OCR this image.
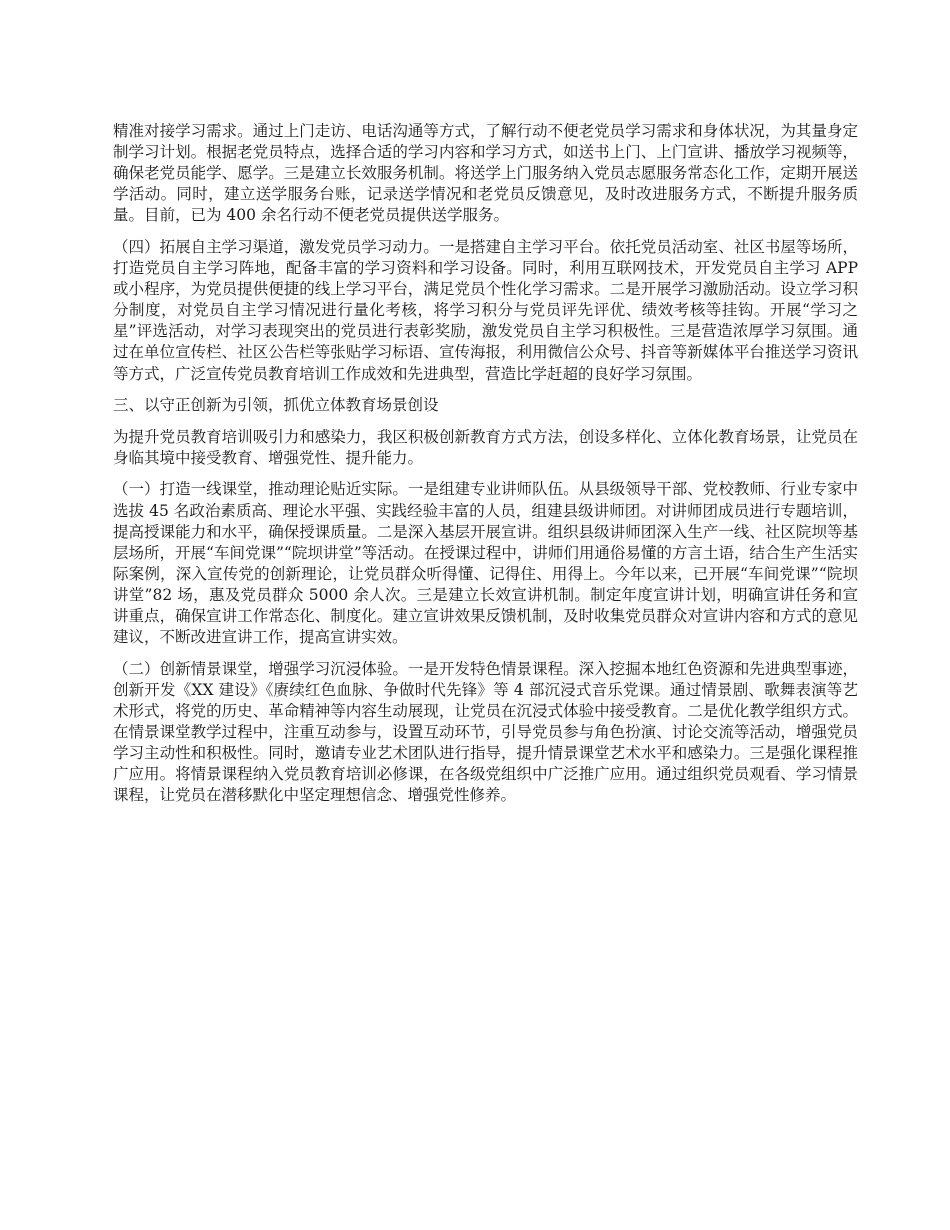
精准对接学习需求。通过上门走访、电话沟通等方式，了解行动不便老党员学习需求和身体状况，为其量身定制学习计划。根据老党员特点，选择合适的学习内容和学习方式，如送书上门、上门宣讲、播放学习视频等，确保老党员能学、愿学。三是建立长效服务机制。将送学上门服务纳入党员志愿服务常态化工作，定期开展送学活动。同时，建立送学服务台账，记录送学情况和老党员反馈意见，及时改进服务方式，不断提升服务质量。目前，已为 400 余名行动不便老党员提供送学服务。

（四）拓展自主学习渠道，激发党员学习动力。一是搭建自主学习平台。依托党员活动室、社区书屋等场所，打造党员自主学习阵地，配备丰富的学习资料和学习设备。同时，利用互联网技术，开发党员自主学习 APP 或小程序，为党员提供便捷的线上学习平台，满足党员个性化学习需求。二是开展学习激励活动。设立学习积分制度，对党员自主学习情况进行量化考核，将学习积分与党员评先评优、绩效考核等挂钩。开展“学习之星”评选活动，对学习表现突出的党员进行表彰奖励，激发党员自主学习积极性。三是营造浓厚学习氛围。通过在单位宣传栏、社区公告栏等张贴学习标语、宣传海报，利用微信公众号、抖音等新媒体平台推送学习资讯等方式，广泛宣传党员教育培训工作成效和先进典型，营造比学赶超的良好学习氛围。

三、以守正创新为引领，抓优立体教育场景创设

为提升党员教育培训吸引力和感染力，我区积极创新教育方式方法，创设多样化、立体化教育场景，让党员在身临其境中接受教育、增强党性、提升能力。

（一）打造一线课堂，推动理论贴近实际。一是组建专业讲师队伍。从县级领导干部、党校教师、行业专家中选拔 45 名政治素质高、理论水平强、实践经验丰富的人员，组建县级讲师团。对讲师团成员进行专题培训，提高授课能力和水平，确保授课质量。二是深入基层开展宣讲。组织县级讲师团深入生产一线、社区院坝等基层场所，开展“车间党课”“院坝讲堂”等活动。在授课过程中，讲师们用通俗易懂的方言土语，结合生产生活实际案例，深入宣传党的创新理论，让党员群众听得懂、记得住、用得上。今年以来，已开展“车间党课”“院坝讲堂”82 场，惠及党员群众 5000 余人次。三是建立长效宣讲机制。制定年度宣讲计划，明确宣讲任务和宣讲重点，确保宣讲工作常态化、制度化。建立宣讲效果反馈机制，及时收集党员群众对宣讲内容和方式的意见建议，不断改进宣讲工作，提高宣讲实效。

（二）创新情景课堂，增强学习沉浸体验。一是开发特色情景课程。深入挖掘本地红色资源和先进典型事迹，创新开发《XX 建设》《赓续红色血脉、争做时代先锋》等 4 部沉浸式音乐党课。通过情景剧、歌舞表演等艺术形式，将党的历史、革命精神等内容生动展现，让党员在沉浸式体验中接受教育。二是优化教学组织方式。在情景课堂教学过程中，注重互动参与，设置互动环节，引导党员参与角色扮演、讨论交流等活动，增强党员学习主动性和积极性。同时，邀请专业艺术团队进行指导，提升情景课堂艺术水平和感染力。三是强化课程推广应用。将情景课程纳入党员教育培训必修课，在各级党组织中广泛推广应用。通过组织党员观看、学习情景课程，让党员在潜移默化中坚定理想信念、增强党性修养。
